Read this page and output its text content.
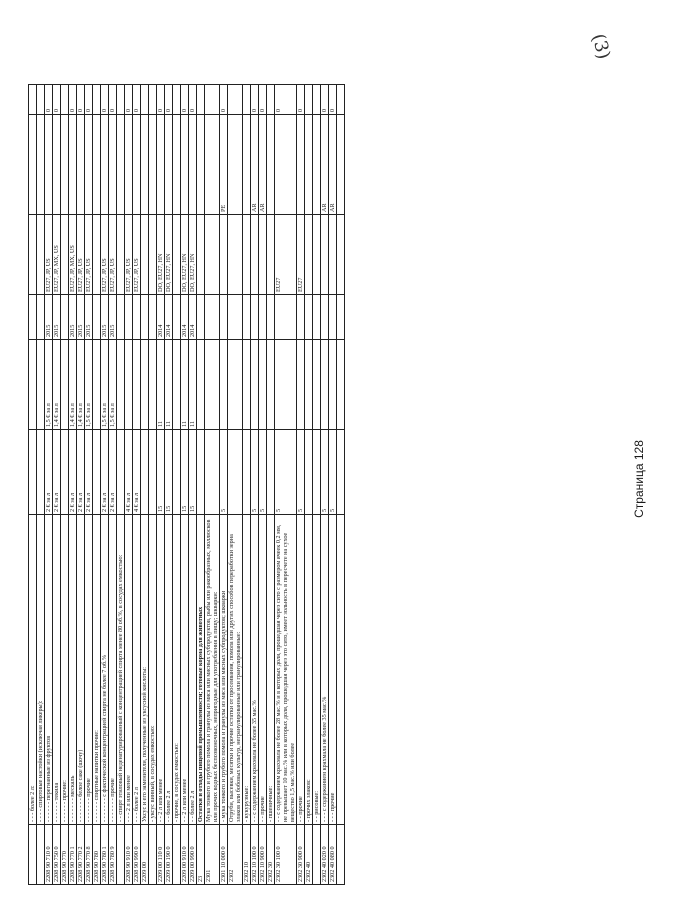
(3)
	- - - более 2 л:						
	- - - - спиртовые настойки (исключая ликеры):						
2208 90 710 0	- - - - - - перегнанные из фруктов	2 € за л	1,5 € за л	2015	EU27, JP, US		0
2208 90 750 0	- - - - - - текила	2 € за л	1,4 € за л	2015	EU27, JP, MX, US		0
2208 90 770	- - - - - - прочие:						
2208 90 770 1	- - - - - - - мескаль	2 € за л	1,4 € за л	2015	EU27, JP, MX, US		0
2208 90 770 2	- - - - - - - белое саке (шочу)	2 € за л	1,4 € за л	2015	EU27, JP, US		0
2208 90 770 8	- - - - - - - прочие	2 € за л	1,5 € за л	2015	EU27, JP, US		0
2208 90 780	- - - - - - спиртные напитки прочие:						
2208 90 780 1	- - - - - - - с фактической концентрацией спирта не более 7 об.%	2 € за л	1,5 € за л	2015	EU27, JP, US		0
2208 90 780 9	- - - - - - - прочие	2 € за л	1,5 € за л	2015	EU27, JP, US		0
	- - спирт этиловый неденатурированный с концентрацией спирта менее 80 об.%, в сосудах емкостью:						
2208 90 910 0	- - - 2 л или менее	4 € за л			EU27, JP, US		0
2208 90 990 0	- - - более 2 л	4 € за л			EU27, JP, US		0
2209 00	Уксус и его заменители, полученные из уксусной кислоты:						
	- уксус винный, в сосудах емкостью:						
2209 00 110 0	- - 2 л или менее	15	11	2014	DO, EU27, HN		0
2209 00 190 0	- - более 2 л	15	11	2014	DO, EU27, HN		0
	- прочие, в сосудах емкостью:						
2209 00 910 0	- - 2 л или менее	15	11	2014	DO, EU27, HN		0
2209 00 990 0	- - более 2 л	15	11	2014	DO, EU27, HN		0
23	Остатки и отходы пищевой промышленности; готовые корма для животных						
2301	Мука тонкого и грубого помола и гранулы из мяса или мясных субпродуктов, рыбы или ракообразных, моллюсков или прочих водных беспозвоночных, непригодные для употребления в пищу; шкварки:						
2301 10 000 0	- мука тонкого и грубого помола и гранулы из мяса или мясных субпродуктов; шкварки	5				PE	0
2302	Отруби, высевки, месятки и прочие остатки от просеивания, помола или других способов переработки зерна злаков или бобовых культур, негранулированные или гранулированные:						
2302 10	- кукурузные:						
2302 10 100 0	- - с содержанием крахмала не более 35 мас.%	5				AR	0
2302 10 900 0	- - прочие	5				AR	0
2302 30	- пшеничные:						
2302 30 100 0	- - с содержанием крахмала не более 28 мас.% и в которых доля, прошедшая через сито с размером ячеек 0,2 мм, не превышает 10 мас.% или в которых доля, прошедшая через это сито, имеет зольность в пересчете на сухое вещество 1,5 мас.% или более	5			EU27		0
2302 30 900 0	- - прочие	5			EU27		0
2302 40	- прочих злаков:						
	- - рисовые:						
2302 40 020 0	- - - с содержанием крахмала не более 35 мас.%	5				AR	0
2302 40 080 0	- - - прочие	5				AR	0

Страница 128
